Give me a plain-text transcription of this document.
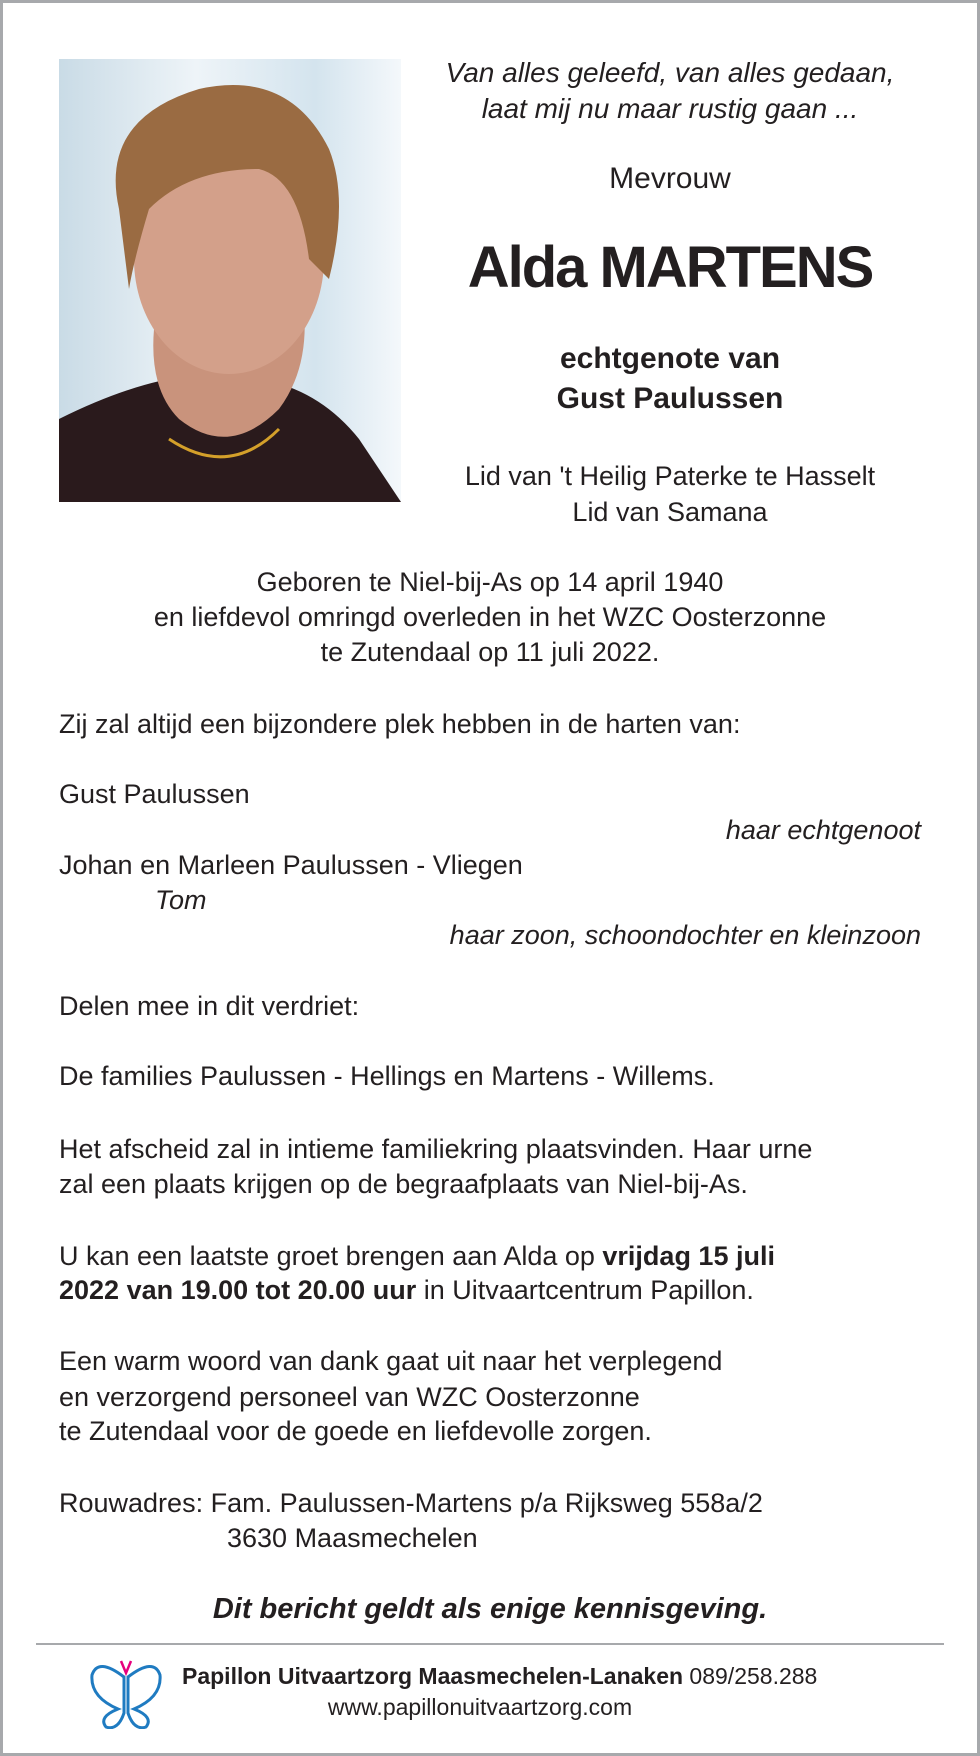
Van alles geleefd, van alles gedaan,
laat mij nu maar rustig gaan ...
Mevrouw
Alda MARTENS
echtgenote van
Gust Paulussen
Lid van 't Heilig Paterke te Hasselt
Lid van Samana
Geboren te Niel-bij-As op 14 april 1940
en liefdevol omringd overleden in het WZC Oosterzonne
te Zutendaal op 11 juli 2022.
Zij zal altijd een bijzondere plek hebben in de harten van:
Gust Paulussen
haar echtgenoot
Johan en Marleen Paulussen - Vliegen
Tom
haar zoon, schoondochter en kleinzoon
Delen mee in dit verdriet:
De families Paulussen - Hellings en Martens - Willems.
Het afscheid zal in intieme familiekring plaatsvinden. Haar urne
zal een plaats krijgen op de begraafplaats van Niel-bij-As.
U kan een laatste groet brengen aan Alda op vrijdag 15 juli
2022 van 19.00 tot 20.00 uur in Uitvaartcentrum Papillon.
Een warm woord van dank gaat uit naar het verplegend
en verzorgend personeel van WZC Oosterzonne
te Zutendaal voor de goede en liefdevolle zorgen.
Rouwadres: Fam. Paulussen-Martens p/a Rijksweg 558a/2
3630 Maasmechelen
Dit bericht geldt als enige kennisgeving.
Papillon Uitvaartzorg Maasmechelen-Lanaken 089/258.288
www.papillonuitvaartzorg.com
